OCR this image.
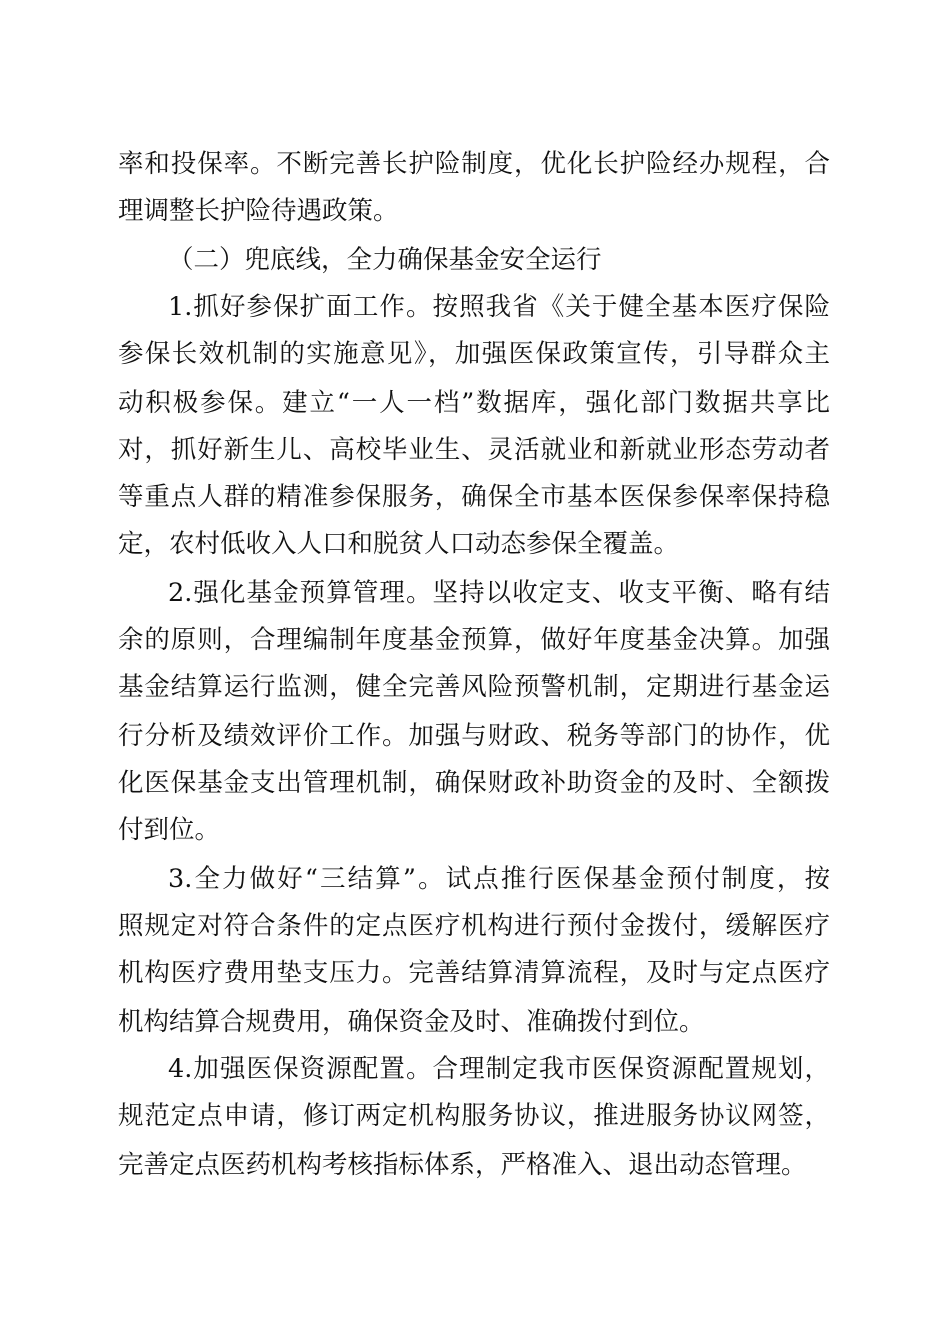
率和投保率。不断完善长护险制度，优化长护险经办规程，合
理调整长护险待遇政策。
（二）兜底线，全力确保基金安全运行
1.抓好参保扩面工作。按照我省《关于健全基本医疗保险
参保长效机制的实施意见》，加强医保政策宣传，引导群众主
动积极参保。建立“一人一档”数据库，强化部门数据共享比
对，抓好新生儿、高校毕业生、灵活就业和新就业形态劳动者
等重点人群的精准参保服务，确保全市基本医保参保率保持稳
定，农村低收入人口和脱贫人口动态参保全覆盖。
2.强化基金预算管理。坚持以收定支、收支平衡、略有结
余的原则，合理编制年度基金预算，做好年度基金决算。加强
基金结算运行监测，健全完善风险预警机制，定期进行基金运
行分析及绩效评价工作。加强与财政、税务等部门的协作，优
化医保基金支出管理机制，确保财政补助资金的及时、全额拨
付到位。
3.全力做好“三结算”。试点推行医保基金预付制度，按
照规定对符合条件的定点医疗机构进行预付金拨付，缓解医疗
机构医疗费用垫支压力。完善结算清算流程，及时与定点医疗
机构结算合规费用，确保资金及时、准确拨付到位。
4.加强医保资源配置。合理制定我市医保资源配置规划，
规范定点申请，修订两定机构服务协议，推进服务协议网签，
完善定点医药机构考核指标体系，严格准入、退出动态管理。
